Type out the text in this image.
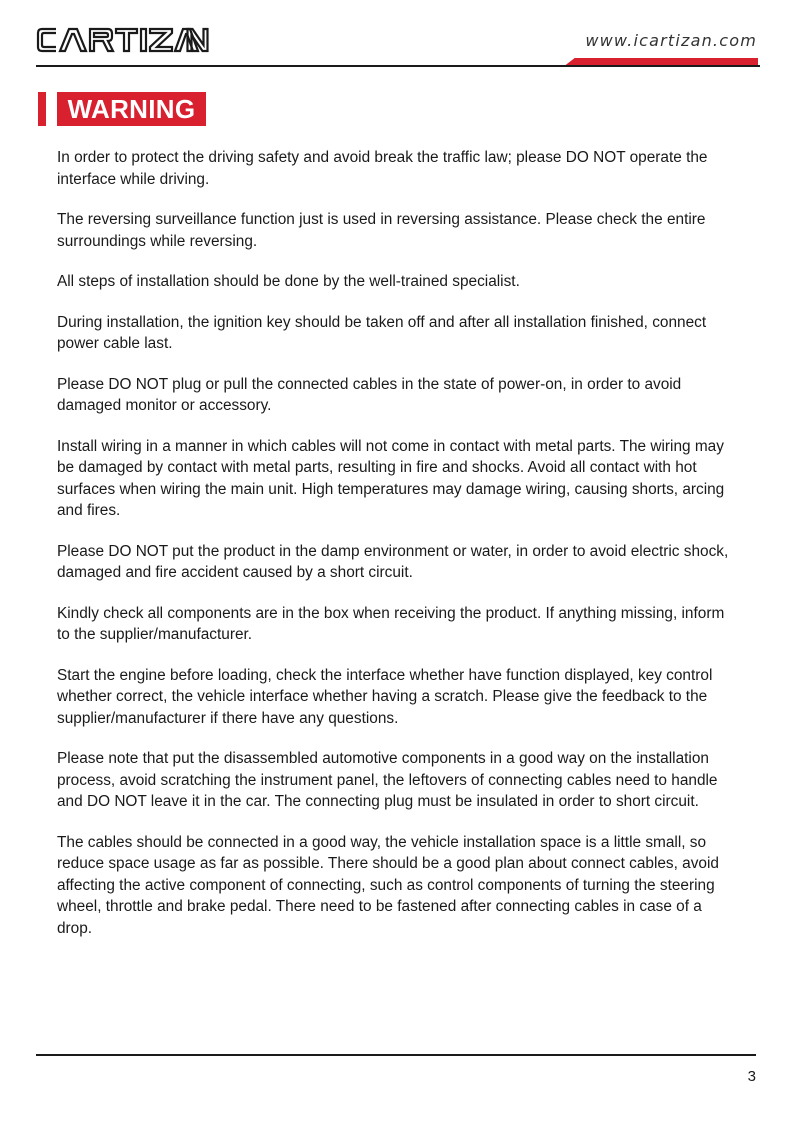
www.icartizan.com
WARNING

In order to protect the driving safety and avoid break the traffic law; please DO NOT operate the interface while driving.

The reversing surveillance function just is used in reversing assistance. Please check the entire surroundings while reversing.

All steps of installation should be done by the well-trained specialist.

During installation, the ignition key should be taken off and after all installation finished, connect power cable last.

Please DO NOT plug or pull the connected cables in the state of power-on, in order to avoid damaged monitor or accessory.

Install wiring in a manner in which cables will not come in contact with metal parts. The wiring may be damaged by contact with metal parts, resulting in fire and shocks. Avoid all contact with hot surfaces when wiring the main unit. High temperatures may damage wiring, causing shorts, arcing and fires.

Please DO NOT put the product in the damp environment or water, in order to avoid electric shock, damaged and fire accident caused by a short circuit.

Kindly check all components are in the box when receiving the product. If anything missing, inform to the supplier/manufacturer.

Start the engine before loading, check the interface whether have function displayed, key control whether correct, the vehicle interface whether having a scratch. Please give the feedback to the supplier/manufacturer if there have any questions.

Please note that put the disassembled automotive components in a good way on the installation process, avoid scratching the instrument panel, the leftovers of connecting cables need to handle and DO NOT leave it in the car. The connecting plug must be insulated in order to short circuit.

The cables should be connected in a good way, the vehicle installation space is a little small, so reduce space usage as far as possible. There should be a good plan about connect cables, avoid affecting the active component of connecting, such as control components of turning the steering wheel, throttle and brake pedal. There need to be fastened after connecting cables in case of a drop.

3
